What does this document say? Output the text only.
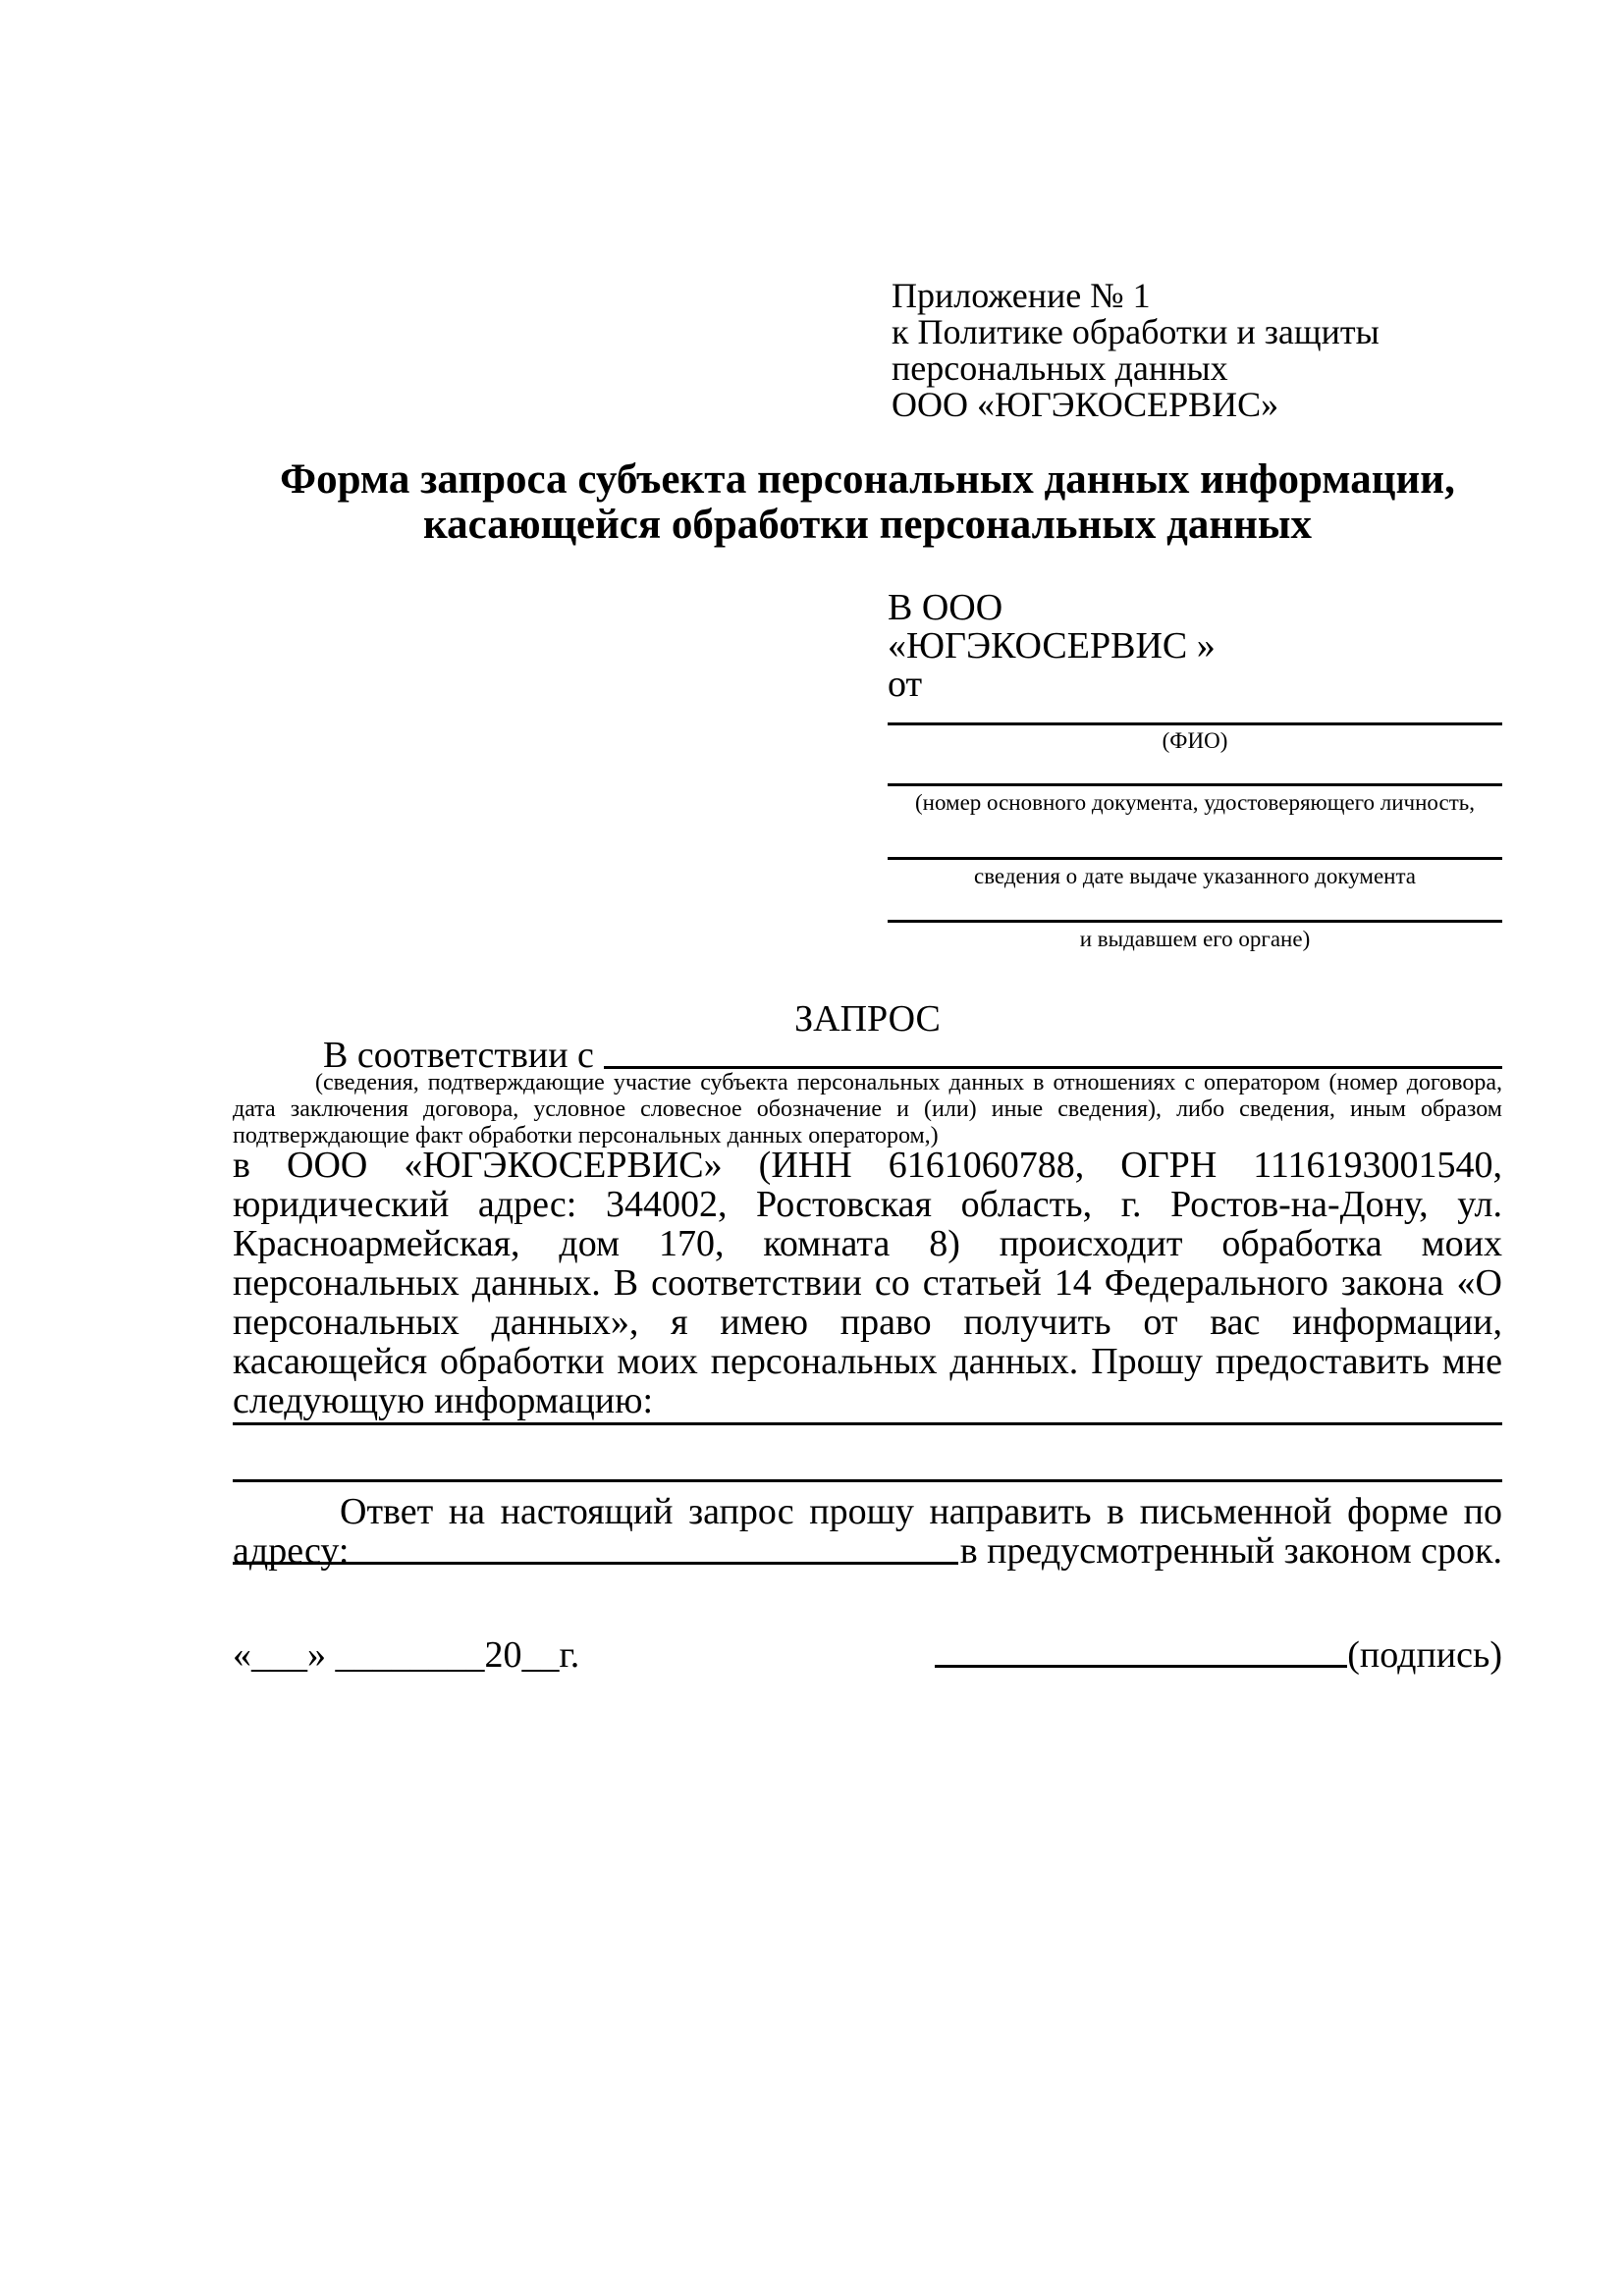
Приложение № 1
к Политике обработки и защиты
персональных данных
ООО «ЮГЭКОСЕРВИС»
Форма запроса субъекта персональных данных информации,
касающейся обработки персональных данных
В ООО
«ЮГЭКОСЕРВИС »
от
(ФИО)
(номер основного документа, удостоверяющего личность,
сведения о дате выдаче указанного документа
и выдавшем его органе)
ЗАПРОС
В соответствии с
(сведения, подтверждающие участие субъекта персональных данных в отношениях с оператором (номер договора, дата заключения договора, условное словесное обозначение и (или) иные сведения), либо сведения, иным образом подтверждающие факт обработки персональных данных оператором,)
в ООО «ЮГЭКОСЕРВИС» (ИНН 6161060788, ОГРН 1116193001540, юридический адрес: 344002, Ростовская область, г. Ростов-на-Дону, ул. Красноармейская, дом 170, комната 8) происходит обработка моих персональных данных. В соответствии со статьей 14 Федерального закона «О персональных данных», я имею право получить от вас информации, касающейся обработки моих персональных данных. Прошу предоставить мне следующую информацию:
Ответ на настоящий запрос прошу направить в письменной форме по адресу:	в предусмотренный законом срок.
«___» ________20__г.	(подпись)
